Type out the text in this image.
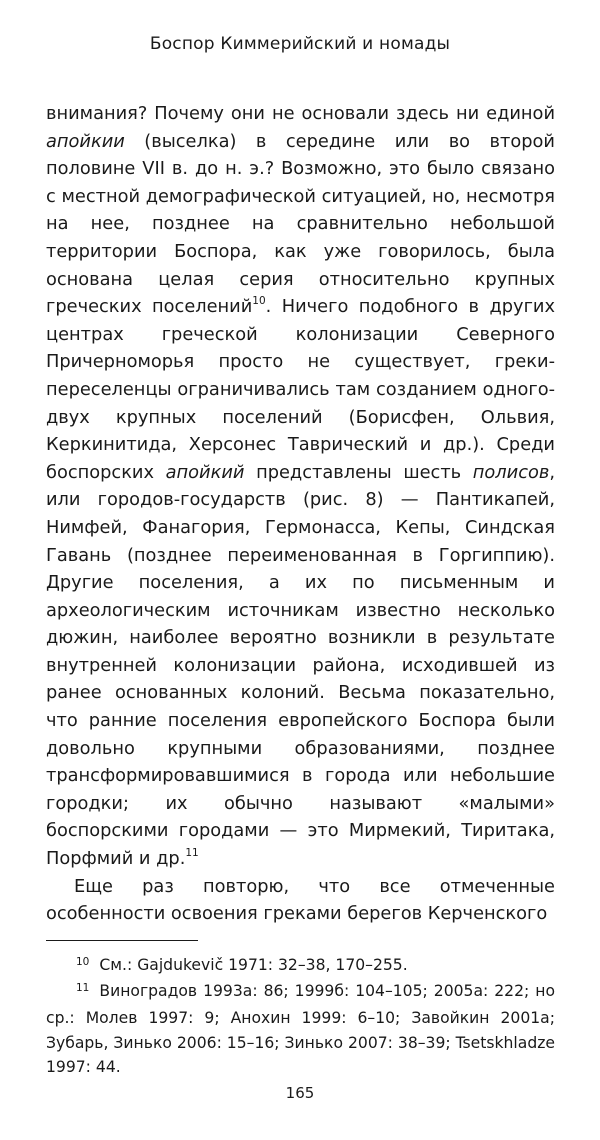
Боспор Киммерийский и номады

внимания? Почему они не основали здесь ни единой апойкии (выселка) в середине или во второй половине VII в. до н. э.? Возможно, это было связано с местной демографической ситуацией, но, несмотря на нее, позднее на сравнительно небольшой территории Боспора, как уже говорилось, была основана целая серия относительно крупных греческих поселений$^{10}$. Ничего подобного в других центрах греческой колонизации Северного Причерноморья просто не существует, греки-переселенцы ограничивались там созданием одного-двух крупных поселений (Борисфен, Ольвия, Керкинитида, Херсонес Таврический и др.). Среди боспорских апойкий представлены шесть полисов, или городов-государств (рис. 8) — Пантикапей, Нимфей, Фанагория, Гермонасса, Кепы, Синдская Гавань (позднее переименованная в Горгиппию). Другие поселения, а их по письменным и археологическим источникам известно несколько дюжин, наиболее вероятно возникли в результате внутренней колонизации района, исходившей из ранее основанных колоний. Весьма показательно, что ранние поселения европейского Боспора были довольно крупными образованиями, позднее трансформировавшимися в города или небольшие городки; их обычно называют «малыми» боспорскими городами — это Мирмекий, Тиритака, Порфмий и др.$^{11}$

Еще раз повторю, что все отмеченные особенности освоения греками берегов Керченского

$^{10}$ См.: Gajdukevič 1971: 32–38, 170–255.

$^{11}$ Виноградов 1993а: 86; 1999б: 104–105; 2005а: 222; но ср.: Молев 1997: 9; Анохин 1999: 6–10; Завойкин 2001а; Зубарь, Зинько 2006: 15–16; Зинько 2007: 38–39; Tsetskhladze 1997: 44.

165
